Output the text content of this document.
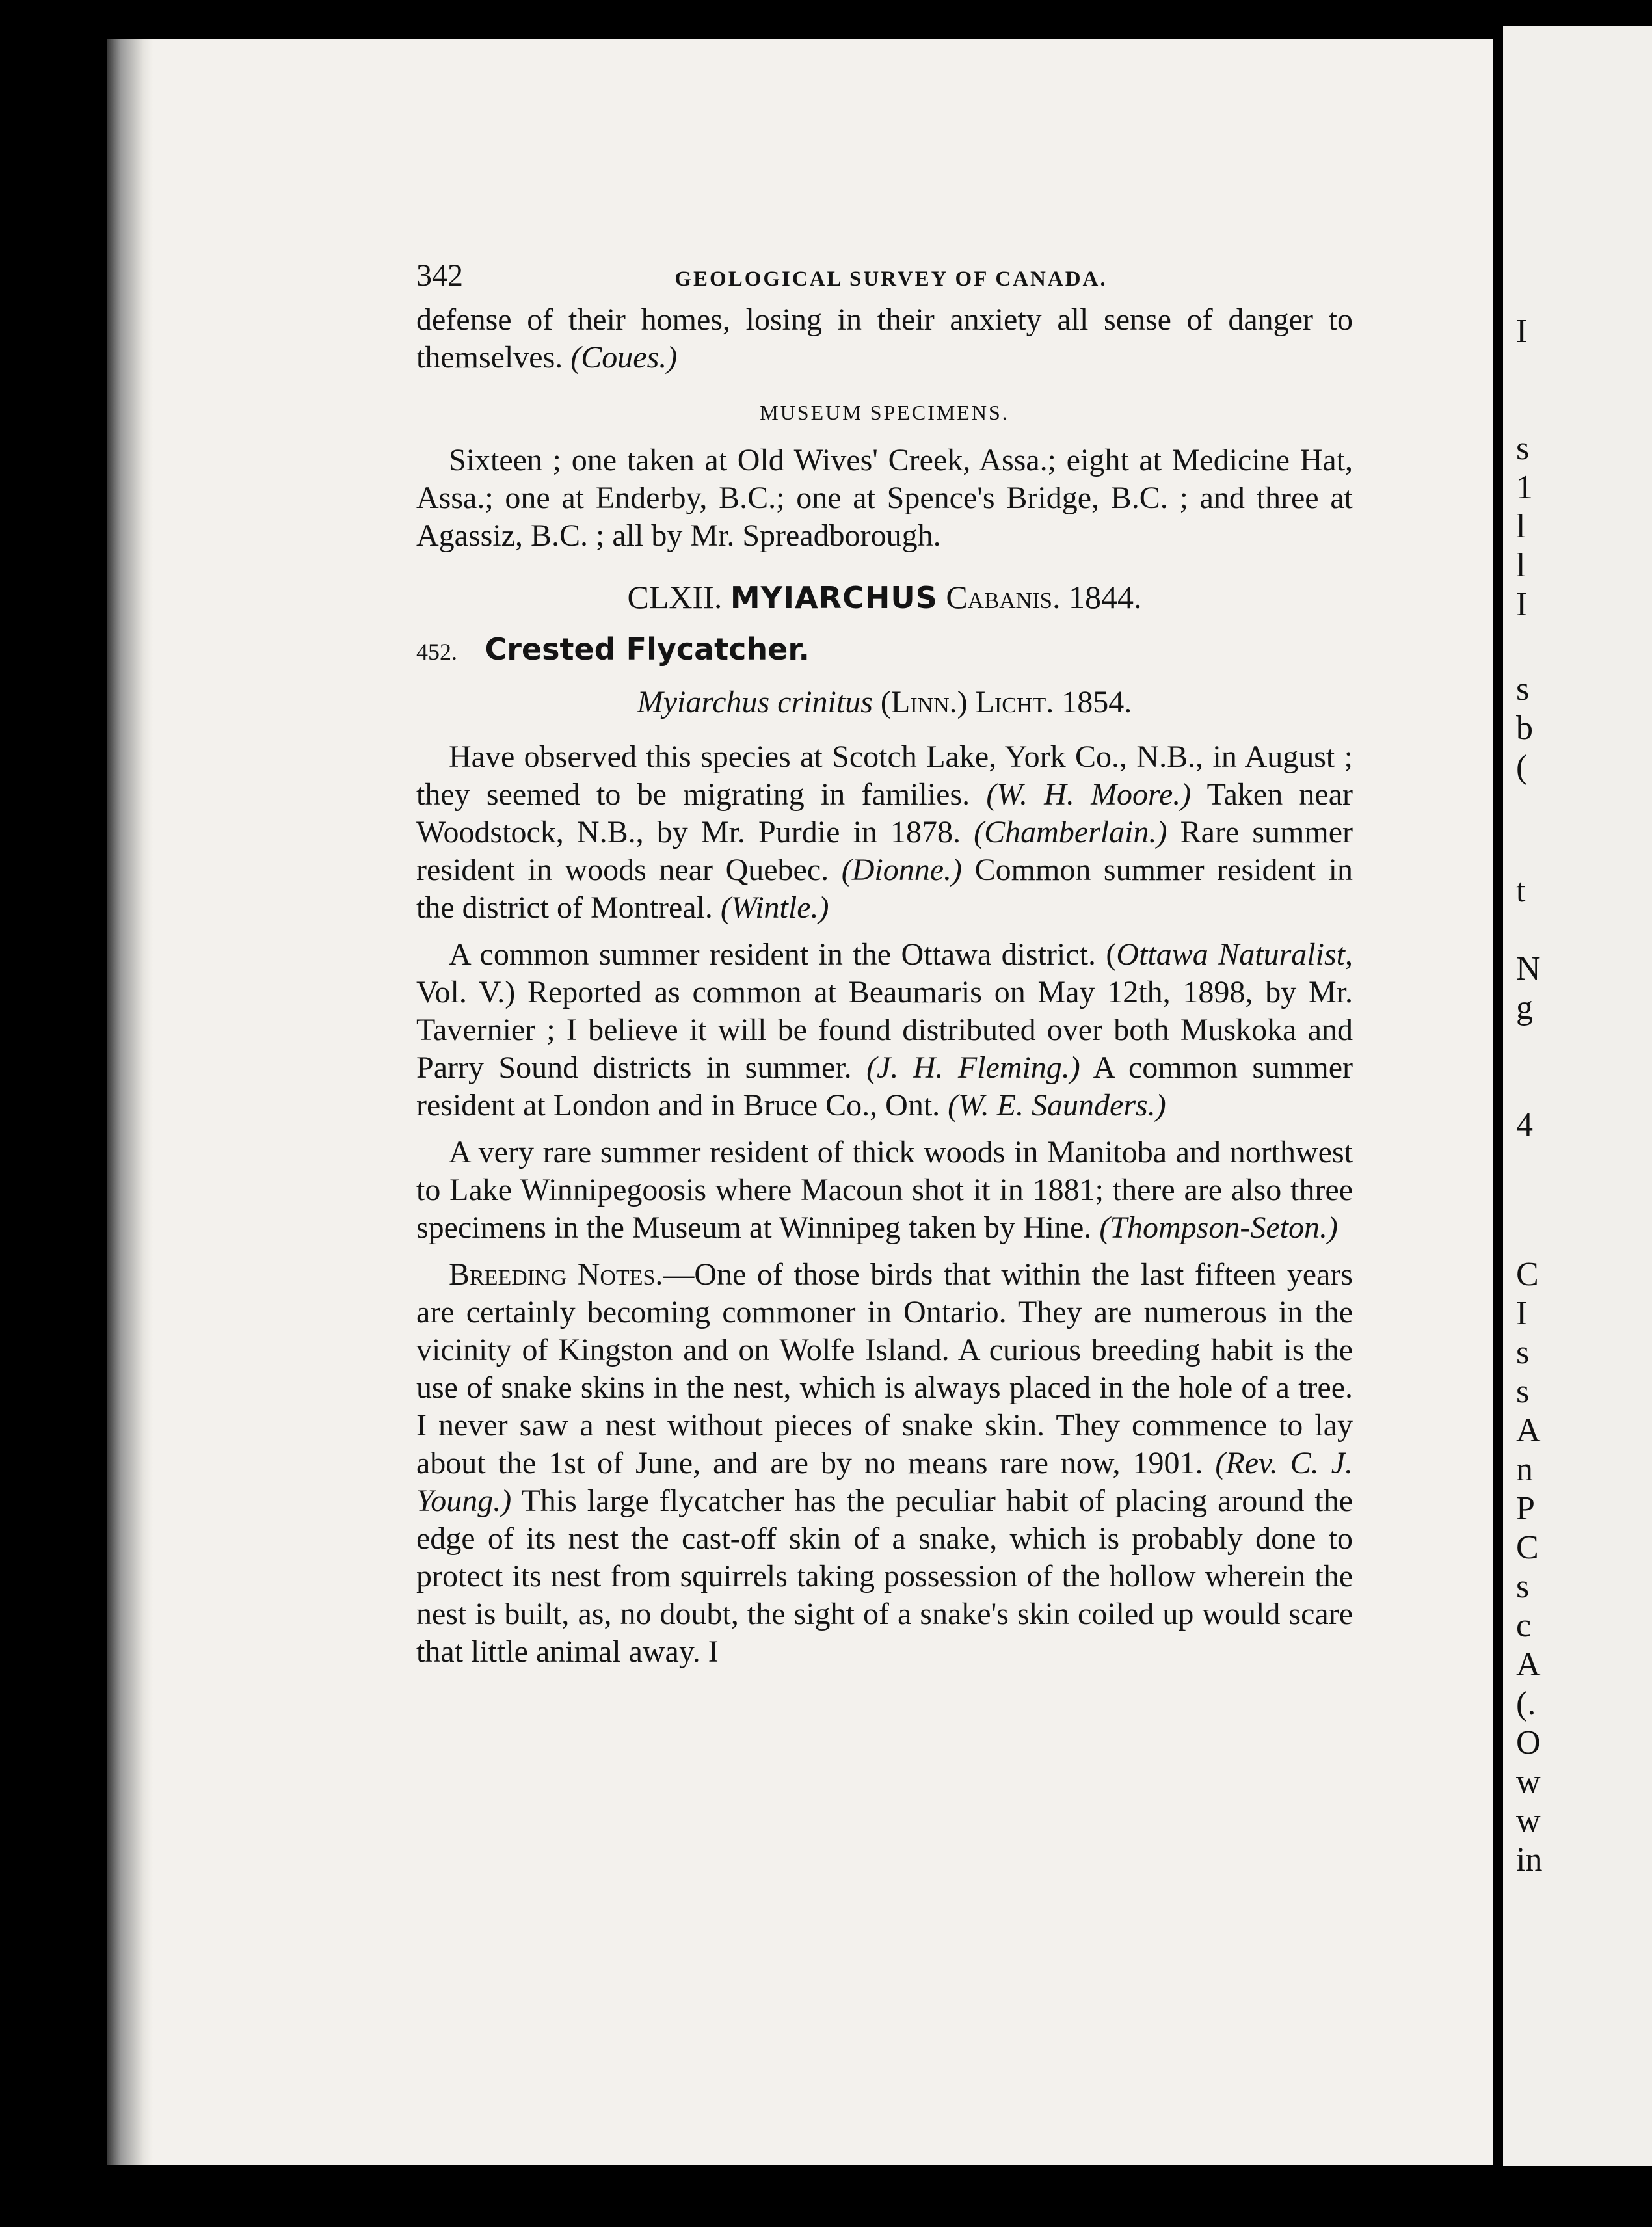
I
s
1
l
l
I
s
b
(
t
N
g
4
C
I
s
s
A
n
P
C
s
c
A
(.
O
w
w
in
342	GEOLOGICAL SURVEY OF CANADA.

defense of their homes, losing in their anxiety all sense of danger to themselves. (Coues.)

MUSEUM SPECIMENS.

Sixteen ; one taken at Old Wives' Creek, Assa.; eight at Medicine Hat, Assa.; one at Enderby, B.C.; one at Spence's Bridge, B.C. ; and three at Agassiz, B.C. ; all by Mr. Spreadborough.

CLXII. MYIARCHUS Cabanis. 1844.
452. Crested Flycatcher.
Myiarchus crinitus (Linn.) Licht. 1854.

Have observed this species at Scotch Lake, York Co., N.B., in August ; they seemed to be migrating in families. (W. H. Moore.) Taken near Woodstock, N.B., by Mr. Purdie in 1878. (Chamberlain.) Rare summer resident in woods near Quebec. (Dionne.) Common summer resident in the district of Montreal. (Wintle.)

A common summer resident in the Ottawa district. (Ottawa Naturalist, Vol. V.) Reported as common at Beaumaris on May 12th, 1898, by Mr. Tavernier ; I believe it will be found distributed over both Muskoka and Parry Sound districts in summer. (J. H. Fleming.) A common summer resident at London and in Bruce Co., Ont. (W. E. Saunders.)

A very rare summer resident of thick woods in Manitoba and northwest to Lake Winnipegoosis where Macoun shot it in 1881; there are also three specimens in the Museum at Winnipeg taken by Hine. (Thompson-Seton.)

Breeding Notes.—One of those birds that within the last fifteen years are certainly becoming commoner in Ontario. They are numerous in the vicinity of Kingston and on Wolfe Island. A curious breeding habit is the use of snake skins in the nest, which is always placed in the hole of a tree. I never saw a nest without pieces of snake skin. They commence to lay about the 1st of June, and are by no means rare now, 1901. (Rev. C. J. Young.) This large flycatcher has the peculiar habit of placing around the edge of its nest the cast-off skin of a snake, which is probably done to protect its nest from squirrels taking possession of the hollow wherein the nest is built, as, no doubt, the sight of a snake's skin coiled up would scare that little animal away. I
